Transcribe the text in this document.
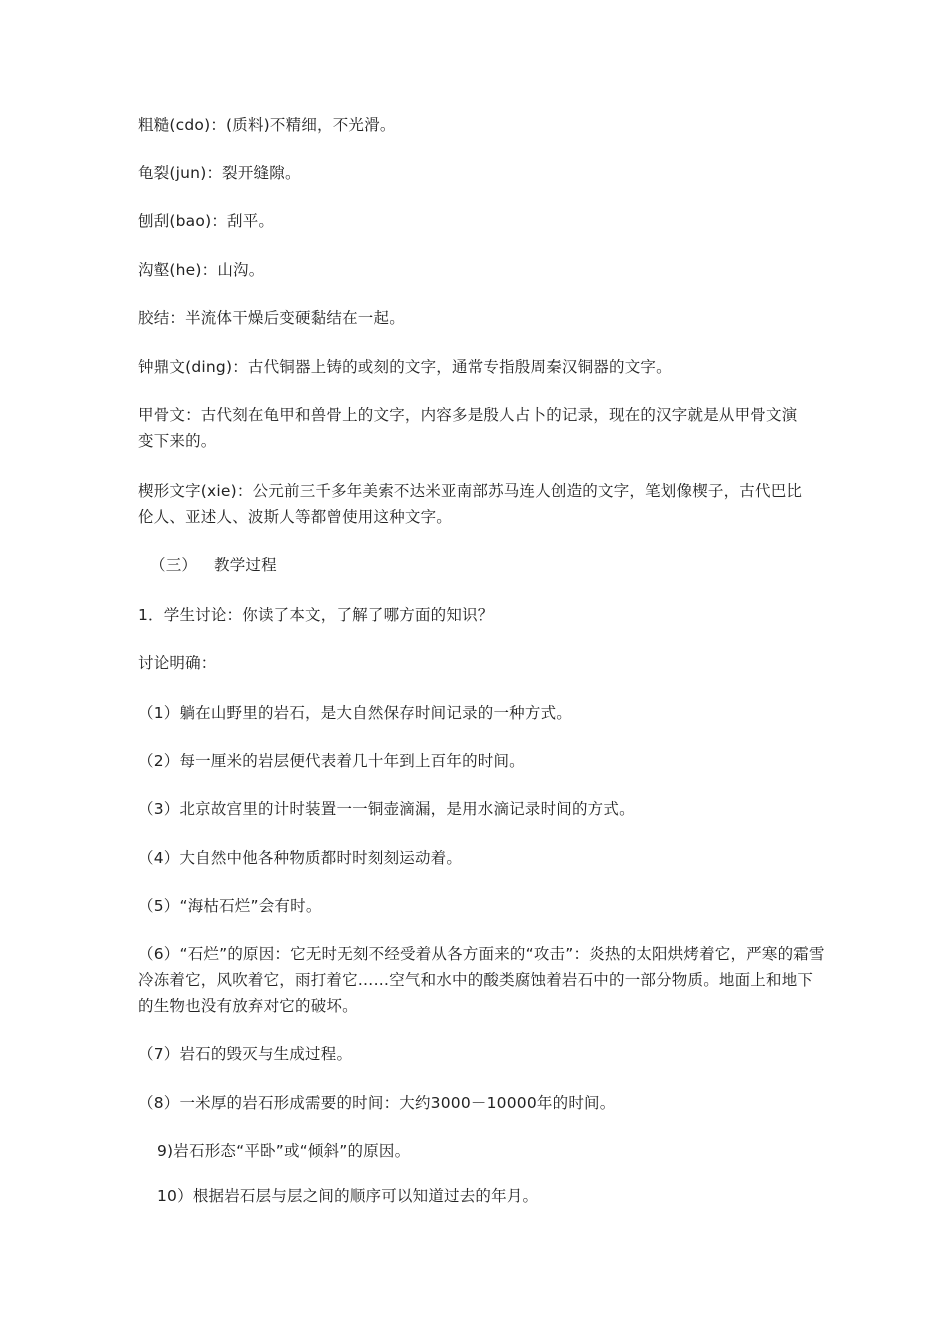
粗糙(cdo)：(质料)不精细，不光滑。
龟裂(jun)：裂开缝隙。
刨刮(bao)：刮平。
沟壑(he)：山沟。
胶结：半流体干燥后变硬黏结在一起。
钟鼎文(ding)：古代铜器上铸的或刻的文字，通常专指殷周秦汉铜器的文字。
甲骨文：古代刻在龟甲和兽骨上的文字，内容多是殷人占卜的记录，现在的汉字就是从甲骨文演变下来的。
楔形文字(xie)：公元前三千多年美索不达米亚南部苏马连人创造的文字，笔划像楔子，古代巴比伦人、亚述人、波斯人等都曾使用这种文字。
（三） 教学过程
1．学生讨论：你读了本文，了解了哪方面的知识？
讨论明确：
（1）躺在山野里的岩石，是大自然保存时间记录的一种方式。
（2）每一厘米的岩层便代表着几十年到上百年的时间。
（3）北京故宫里的计时装置一一铜壶滴漏，是用水滴记录时间的方式。
（4）大自然中他各种物质都时时刻刻运动着。
（5）“海枯石烂”会有时。
（6）“石烂”的原因：它无时无刻不经受着从各方面来的“攻击”：炎热的太阳烘烤着它，严寒的霜雪冷冻着它，风吹着它，雨打着它……空气和水中的酸类腐蚀着岩石中的一部分物质。地面上和地下的生物也没有放弃对它的破坏。
（7）岩石的毁灭与生成过程。
（8）一米厚的岩石形成需要的时间：大约3000－10000年的时间。
9)岩石形态“平卧”或“倾斜”的原因。
10）根据岩石层与层之间的顺序可以知道过去的年月。
